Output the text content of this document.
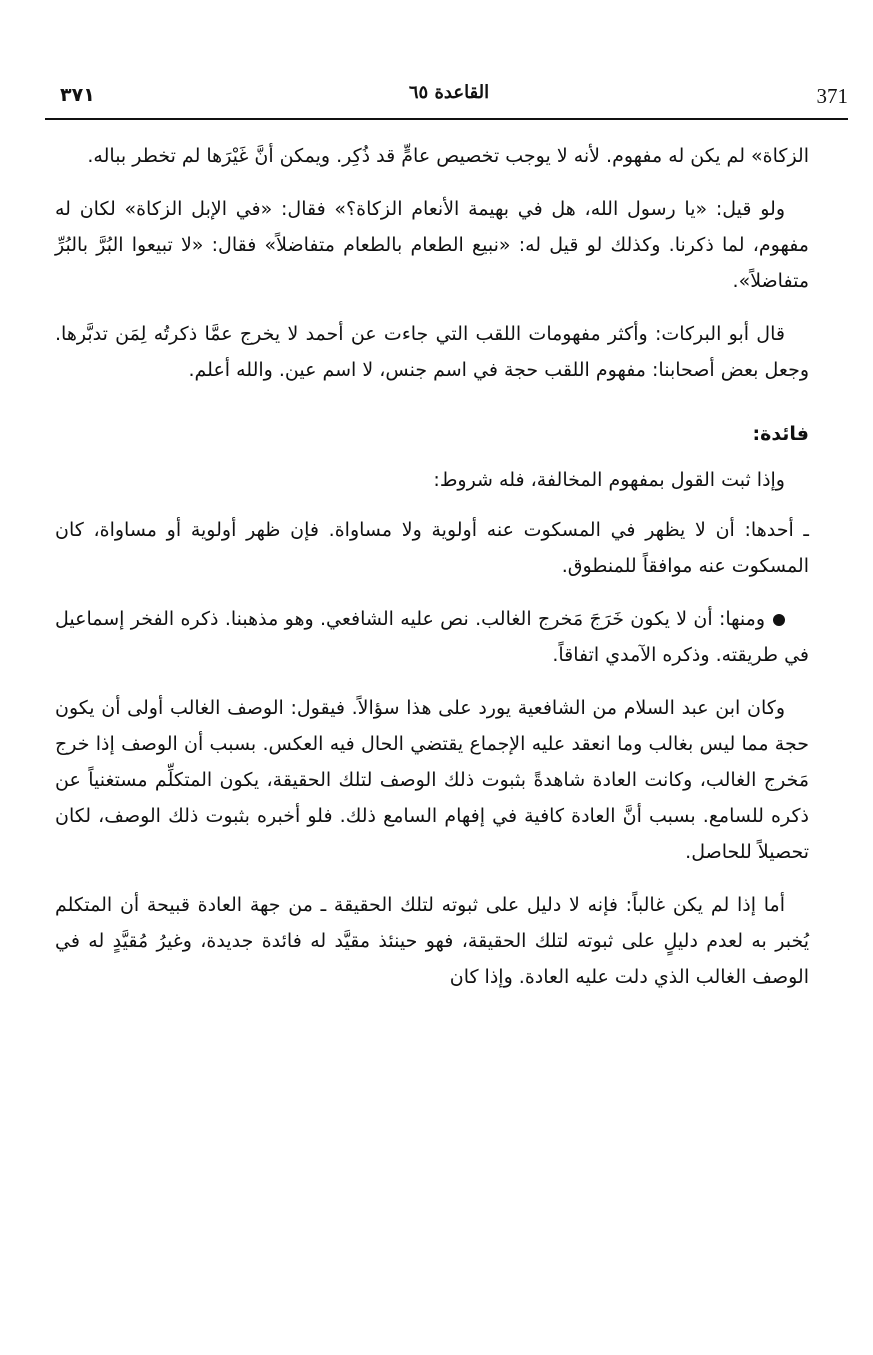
371
القاعدة ٦٥
٣٧١

الزكاة» لم يكن له مفهوم. لأنه لا يوجب تخصيص عامٍّ قد ذُكِر. ويمكن أنَّ غَيْرَها لم تخطر بباله.

ولو قيل: «يا رسول الله، هل في بهيمة الأنعام الزكاة؟» فقال: «في الإبل الزكاة» لكان له مفهوم، لما ذكرنا. وكذلك لو قيل له: «نبيع الطعام بالطعام متفاضلاً» فقال: «لا تبيعوا البُرَّ بالبُرِّ متفاضلاً».

قال أبو البركات: وأكثر مفهومات اللقب التي جاءت عن أحمد لا يخرج عمَّا ذكرتُه لِمَن تدبَّرها. وجعل بعض أصحابنا: مفهوم اللقب حجة في اسم جنس، لا اسم عين. والله أعلم.

فائدة:

وإذا ثبت القول بمفهوم المخالفة، فله شروط:

ـ أحدها: أن لا يظهر في المسكوت عنه أولوية ولا مساواة. فإن ظهر أولوية أو مساواة، كان المسكوت عنه موافقاً للمنطوق.

ومنها: أن لا يكون خَرَجَ مَخرج الغالب. نص عليه الشافعي. وهو مذهبنا. ذكره الفخر إسماعيل في طريقته. وذكره الآمدي اتفاقاً.

وكان ابن عبد السلام من الشافعية يورد على هذا سؤالاً. فيقول: الوصف الغالب أولى أن يكون حجة مما ليس بغالب وما انعقد عليه الإجماع يقتضي الحال فيه العكس. بسبب أن الوصف إذا خرج مَخرج الغالب، وكانت العادة شاهدةً بثبوت ذلك الوصف لتلك الحقيقة، يكون المتكلِّم مستغنياً عن ذكره للسامع. بسبب أنَّ العادة كافية في إفهام السامع ذلك. فلو أخبره بثبوت ذلك الوصف، لكان تحصيلاً للحاصل.

أما إذا لم يكن غالباً: فإنه لا دليل على ثبوته لتلك الحقيقة ـ من جهة العادة قبيحة أن المتكلم يُخبر به لعدم دليلٍ على ثبوته لتلك الحقيقة، فهو حينئذ مقيَّد له فائدة جديدة، وغيرُ مُقيَّدٍ له في الوصف الغالب الذي دلت عليه العادة. وإذا كان
